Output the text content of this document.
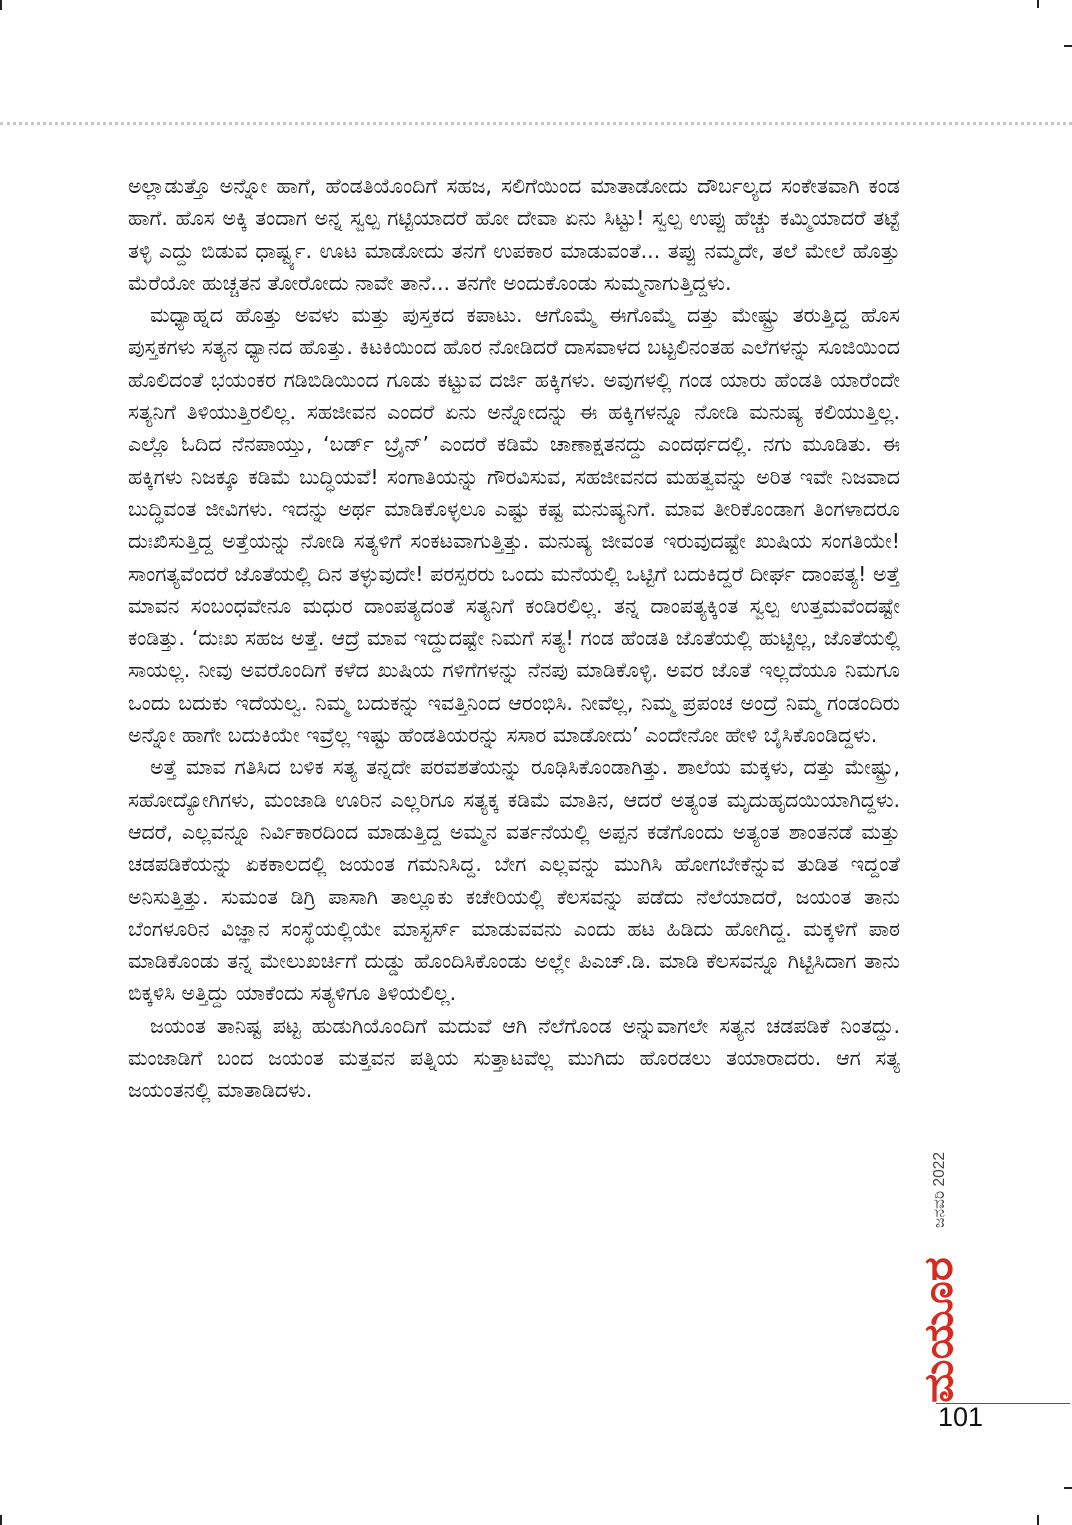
ಅಲ್ಲಾಡುತ್ತೊ ಅನ್ನೋ ಹಾಗೆ, ಹೆಂಡತಿಯೊಂದಿಗೆ ಸಹಜ, ಸಲಿಗೆಯಿಂದ ಮಾತಾಡೋದು ದೌರ್ಬಲ್ಯದ ಸಂಕೇತವಾಗಿ ಕಂಡ ಹಾಗೆ. ಹೊಸ ಅಕ್ಕಿ ತಂದಾಗ ಅನ್ನ ಸ್ವಲ್ಪ ಗಟ್ಟಿಯಾದರೆ ಹೋ ದೇವಾ ಏನು ಸಿಟ್ಟು! ಸ್ವಲ್ಪ ಉಪ್ಪು ಹೆಚ್ಚು ಕಮ್ಮಿಯಾದರೆ ತಟ್ಟೆ ತಳ್ಳಿ ಎದ್ದು ಬಿಡುವ ಧಾರ್ಷ್ಟ್ಯ. ಊಟ ಮಾಡೋದು ತನಗೆ ಉಪಕಾರ ಮಾಡುವಂತೆ... ತಪ್ಪು ನಮ್ಮದೇ, ತಲೆ ಮೇಲೆ ಹೊತ್ತು ಮೆರೆಯೋ ಹುಚ್ಚತನ ತೋರೋದು ನಾವೇ ತಾನೆ... ತನಗೇ ಅಂದುಕೊಂಡು ಸುಮ್ಮನಾಗುತ್ತಿದ್ದಳು.

ಮಧ್ಯಾಹ್ನದ ಹೊತ್ತು ಅವಳು ಮತ್ತು ಪುಸ್ತಕದ ಕಪಾಟು. ಆಗೊಮ್ಮೆ ಈಗೊಮ್ಮೆ ದತ್ತು ಮೇಷ್ಟ್ರು ತರುತ್ತಿದ್ದ ಹೊಸ ಪುಸ್ತಕಗಳು ಸತ್ಯನ ಧ್ಯಾನದ ಹೊತ್ತು. ಕಿಟಕಿಯಿಂದ ಹೊರ ನೋಡಿದರೆ ದಾಸವಾಳದ ಬಟ್ಟಲಿನಂತಹ ಎಲೆಗಳನ್ನು ಸೂಜಿಯಿಂದ ಹೊಲಿದಂತೆ ಭಯಂಕರ ಗಡಿಬಿಡಿಯಿಂದ ಗೂಡು ಕಟ್ಟುವ ದರ್ಜಿ ಹಕ್ಕಿಗಳು. ಅವುಗಳಲ್ಲಿ ಗಂಡ ಯಾರು ಹೆಂಡತಿ ಯಾರೆಂದೇ ಸತ್ಯನಿಗೆ ತಿಳಿಯುತ್ತಿರಲಿಲ್ಲ. ಸಹಜೀವನ ಎಂದರೆ ಏನು ಅನ್ನೋದನ್ನು ಈ ಹಕ್ಕಿಗಳನ್ನೂ ನೋಡಿ ಮನುಷ್ಯ ಕಲಿಯುತ್ತಿಲ್ಲ. ಎಲ್ಲೊ ಓದಿದ ನೆನಪಾಯ್ತು, ‘ಬರ್ಡ್ ಬ್ರೈನ್’ ಎಂದರೆ ಕಡಿಮೆ ಚಾಣಾಕ್ಷತನದ್ದು ಎಂದರ್ಥದಲ್ಲಿ. ನಗು ಮೂಡಿತು. ಈ ಹಕ್ಕಿಗಳು ನಿಜಕ್ಕೂ ಕಡಿಮೆ ಬುದ್ಧಿಯವೆ! ಸಂಗಾತಿಯನ್ನು ಗೌರವಿಸುವ, ಸಹಜೀವನದ ಮಹತ್ವವನ್ನು ಅರಿತ ಇವೇ ನಿಜವಾದ ಬುದ್ಧಿವಂತ ಜೀವಿಗಳು. ಇದನ್ನು ಅರ್ಥ ಮಾಡಿಕೊಳ್ಳಲೂ ಎಷ್ಟು ಕಷ್ಟ ಮನುಷ್ಯನಿಗೆ. ಮಾವ ತೀರಿಕೊಂಡಾಗ ತಿಂಗಳಾದರೂ ದುಃಖಿಸುತ್ತಿದ್ದ ಅತ್ತೆಯನ್ನು ನೋಡಿ ಸತ್ಯಳಿಗೆ ಸಂಕಟವಾಗುತ್ತಿತ್ತು. ಮನುಷ್ಯ ಜೀವಂತ ಇರುವುದಷ್ಟೇ ಖುಷಿಯ ಸಂಗತಿಯೇ! ಸಾಂಗತ್ಯವೆಂದರೆ ಜೊತೆಯಲ್ಲಿ ದಿನ ತಳ್ಳುವುದೇ! ಪರಸ್ಪರರು ಒಂದು ಮನೆಯಲ್ಲಿ ಒಟ್ಟಿಗೆ ಬದುಕಿದ್ದರೆ ದೀರ್ಘ ದಾಂಪತ್ಯ! ಅತ್ತೆ ಮಾವನ ಸಂಬಂಧವೇನೂ ಮಧುರ ದಾಂಪತ್ಯದಂತೆ ಸತ್ಯನಿಗೆ ಕಂಡಿರಲಿಲ್ಲ. ತನ್ನ ದಾಂಪತ್ಯಕ್ಕಿಂತ ಸ್ವಲ್ಪ ಉತ್ತಮವೆಂದಷ್ಟೇ ಕಂಡಿತ್ತು. ‘ದುಃಖ ಸಹಜ ಅತ್ತೆ. ಆದ್ರೆ ಮಾವ ಇದ್ದುದಷ್ಟೇ ನಿಮಗೆ ಸತ್ಯ! ಗಂಡ ಹೆಂಡತಿ ಜೊತೆಯಲ್ಲಿ ಹುಟ್ಟಿಲ್ಲ, ಜೊತೆಯಲ್ಲಿ ಸಾಯಲ್ಲ. ನೀವು ಅವರೊಂದಿಗೆ ಕಳೆದ ಖುಷಿಯ ಗಳಿಗೆಗಳನ್ನು ನೆನಪು ಮಾಡಿಕೊಳ್ಳಿ. ಅವರ ಜೊತೆ ಇಲ್ಲದೆಯೂ ನಿಮಗೂ ಒಂದು ಬದುಕು ಇದೆಯಲ್ವ. ನಿಮ್ಮ ಬದುಕನ್ನು ಇವತ್ತಿನಿಂದ ಆರಂಭಿಸಿ. ನೀವೆಲ್ಲ, ನಿಮ್ಮ ಪ್ರಪಂಚ ಅಂದ್ರೆ ನಿಮ್ಮ ಗಂಡಂದಿರು ಅನ್ನೋ ಹಾಗೇ ಬದುಕಿಯೇ ಇವ್ರೆಲ್ಲ ಇಷ್ಟು ಹೆಂಡತಿಯರನ್ನು ಸಸಾರ ಮಾಡೋದು’ ಎಂದೇನೋ ಹೇಳಿ ಬೈಸಿಕೊಂಡಿದ್ದಳು.

ಅತ್ತೆ ಮಾವ ಗತಿಸಿದ ಬಳಿಕ ಸತ್ಯ ತನ್ನದೇ ಪರವಶತೆಯನ್ನು ರೂಢಿಸಿಕೊಂಡಾಗಿತ್ತು. ಶಾಲೆಯ ಮಕ್ಕಳು, ದತ್ತು ಮೇಷ್ಟ್ರು, ಸಹೋದ್ಯೋಗಿಗಳು, ಮಂಜಾಡಿ ಊರಿನ ಎಲ್ಲರಿಗೂ ಸತ್ಯಕ್ಕ ಕಡಿಮೆ ಮಾತಿನ, ಆದರೆ ಅತ್ಯಂತ ಮೃದುಹೃದಯಿಯಾಗಿದ್ದಳು. ಆದರೆ, ಎಲ್ಲವನ್ನೂ ನಿರ್ವಿಕಾರದಿಂದ ಮಾಡುತ್ತಿದ್ದ ಅಮ್ಮನ ವರ್ತನೆಯಲ್ಲಿ ಅಪ್ಪನ ಕಡೆಗೊಂದು ಅತ್ಯಂತ ಶಾಂತನಡೆ ಮತ್ತು ಚಡಪಡಿಕೆಯನ್ನು ಏಕಕಾಲದಲ್ಲಿ ಜಯಂತ ಗಮನಿಸಿದ್ದ. ಬೇಗ ಎಲ್ಲವನ್ನು ಮುಗಿಸಿ ಹೋಗಬೇಕೆನ್ನುವ ತುಡಿತ ಇದ್ದಂತೆ ಅನಿಸುತ್ತಿತ್ತು. ಸುಮಂತ ಡಿಗ್ರಿ ಪಾಸಾಗಿ ತಾಲ್ಲೂಕು ಕಚೇರಿಯಲ್ಲಿ ಕೆಲಸವನ್ನು ಪಡೆದು ನೆಲೆಯಾದರೆ, ಜಯಂತ ತಾನು ಬೆಂಗಳೂರಿನ ವಿಜ್ಞಾನ ಸಂಸ್ಥೆಯಲ್ಲಿಯೇ ಮಾಸ್ಟರ್ಸ್ ಮಾಡುವವನು ಎಂದು ಹಟ ಹಿಡಿದು ಹೋಗಿದ್ದ. ಮಕ್ಕಳಿಗೆ ಪಾಠ ಮಾಡಿಕೊಂಡು ತನ್ನ ಮೇಲುಖರ್ಚಿಗೆ ದುಡ್ಡು ಹೊಂದಿಸಿಕೊಂಡು ಅಲ್ಲೇ ಪಿಎಚ್.ಡಿ. ಮಾಡಿ ಕೆಲಸವನ್ನೂ ಗಿಟ್ಟಿಸಿದಾಗ ತಾನು ಬಿಕ್ಕಳಿಸಿ ಅತ್ತಿದ್ದು ಯಾಕೆಂದು ಸತ್ಯಳಿಗೂ ತಿಳಿಯಲಿಲ್ಲ.

ಜಯಂತ ತಾನಿಷ್ಟ ಪಟ್ಟ ಹುಡುಗಿಯೊಂದಿಗೆ ಮದುವೆ ಆಗಿ ನೆಲೆಗೊಂಡ ಅನ್ನುವಾಗಲೇ ಸತ್ಯನ ಚಡಪಡಿಕೆ ನಿಂತದ್ದು. ಮಂಜಾಡಿಗೆ ಬಂದ ಜಯಂತ ಮತ್ತವನ ಪತ್ನಿಯ ಸುತ್ತಾಟವೆಲ್ಲ ಮುಗಿದು ಹೊರಡಲು ತಯಾರಾದರು. ಆಗ ಸತ್ಯ ಜಯಂತನಲ್ಲಿ ಮಾತಾಡಿದಳು.

ಜನವರಿ 2022
ಮಯೂರ
101
